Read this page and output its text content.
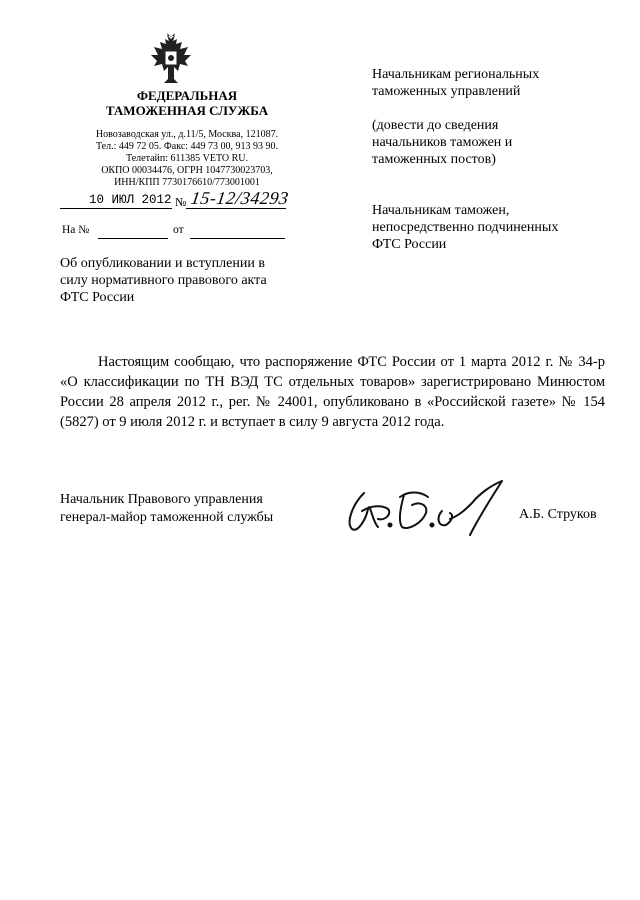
ФЕДЕРАЛЬНАЯ
ТАМОЖЕННАЯ СЛУЖБА
Новозаводская ул., д.11/5, Москва, 121087.
Тел.: 449 72 05. Факс: 449 73 00, 913 93 90.
Телетайп: 611385 VETO RU.
ОКПО 00034476, ОГРН 1047730023703,
ИНН/КПП 7730176610/773001001
10 ИЮЛ 2012 № 15-12/34293
На №	от
Об опубликовании и вступлении в
силу нормативного правового акта
ФТС России
Начальникам региональных
таможенных управлений
(довести до сведения
начальников таможен и
таможенных постов)
Начальникам таможен,
непосредственно подчиненных
ФТС России

Настоящим сообщаю, что распоряжение ФТС России от 1 марта 2012 г. № 34-р «О классификации по ТН ВЭД ТС отдельных товаров» зарегистрировано Минюстом России 28 апреля 2012 г., рег. № 24001, опубликовано в «Российской газете» № 154 (5827) от 9 июля 2012 г. и вступает в силу 9 августа 2012 года.

Начальник Правового управления
генерал-майор таможенной службы	А.Б. Струков
